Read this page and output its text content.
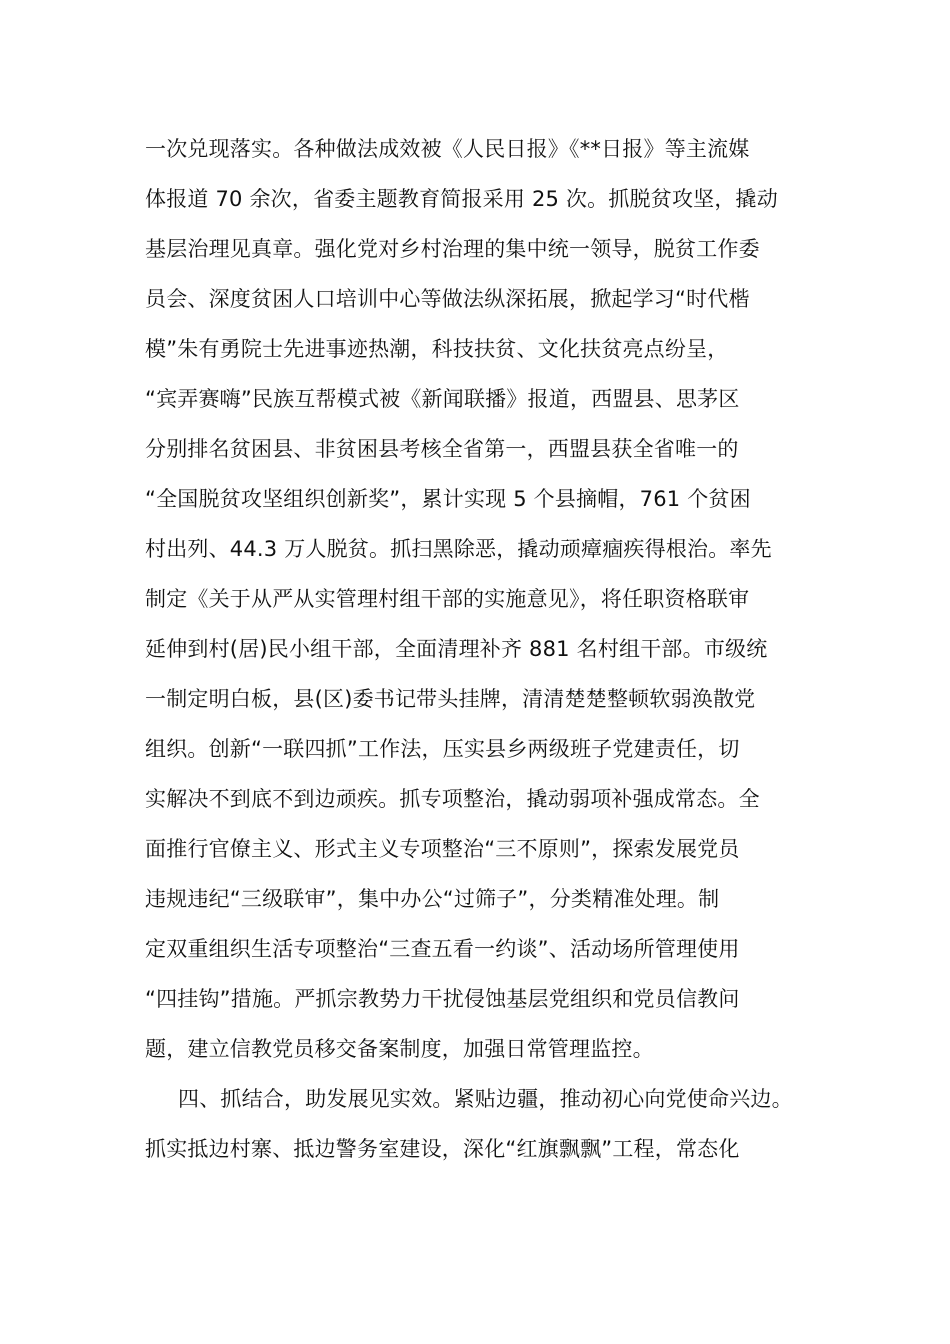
一次兑现落实。各种做法成效被《人民日报》《**日报》等主流媒
体报道 70 余次，省委主题教育简报采用 25 次。抓脱贫攻坚，撬动
基层治理见真章。强化党对乡村治理的集中统一领导，脱贫工作委
员会、深度贫困人口培训中心等做法纵深拓展，掀起学习“时代楷
模”朱有勇院士先进事迹热潮，科技扶贫、文化扶贫亮点纷呈，
“宾弄赛嗨”民族互帮模式被《新闻联播》报道，西盟县、思茅区
分别排名贫困县、非贫困县考核全省第一，西盟县获全省唯一的
“全国脱贫攻坚组织创新奖”，累计实现 5 个县摘帽，761 个贫困
村出列、44.3 万人脱贫。抓扫黑除恶，撬动顽瘴痼疾得根治。率先
制定《关于从严从实管理村组干部的实施意见》，将任职资格联审
延伸到村(居)民小组干部，全面清理补齐 881 名村组干部。市级统
一制定明白板，县(区)委书记带头挂牌，清清楚楚整顿软弱涣散党
组织。创新“一联四抓”工作法，压实县乡两级班子党建责任，切
实解决不到底不到边顽疾。抓专项整治，撬动弱项补强成常态。全
面推行官僚主义、形式主义专项整治“三不原则”，探索发展党员
违规违纪“三级联审”，集中办公“过筛子”，分类精准处理。制
定双重组织生活专项整治“三查五看一约谈”、活动场所管理使用
“四挂钩”措施。严抓宗教势力干扰侵蚀基层党组织和党员信教问
题，建立信教党员移交备案制度，加强日常管理监控。
四、抓结合，助发展见实效。紧贴边疆，推动初心向党使命兴边。
抓实抵边村寨、抵边警务室建设，深化“红旗飘飘”工程，常态化
